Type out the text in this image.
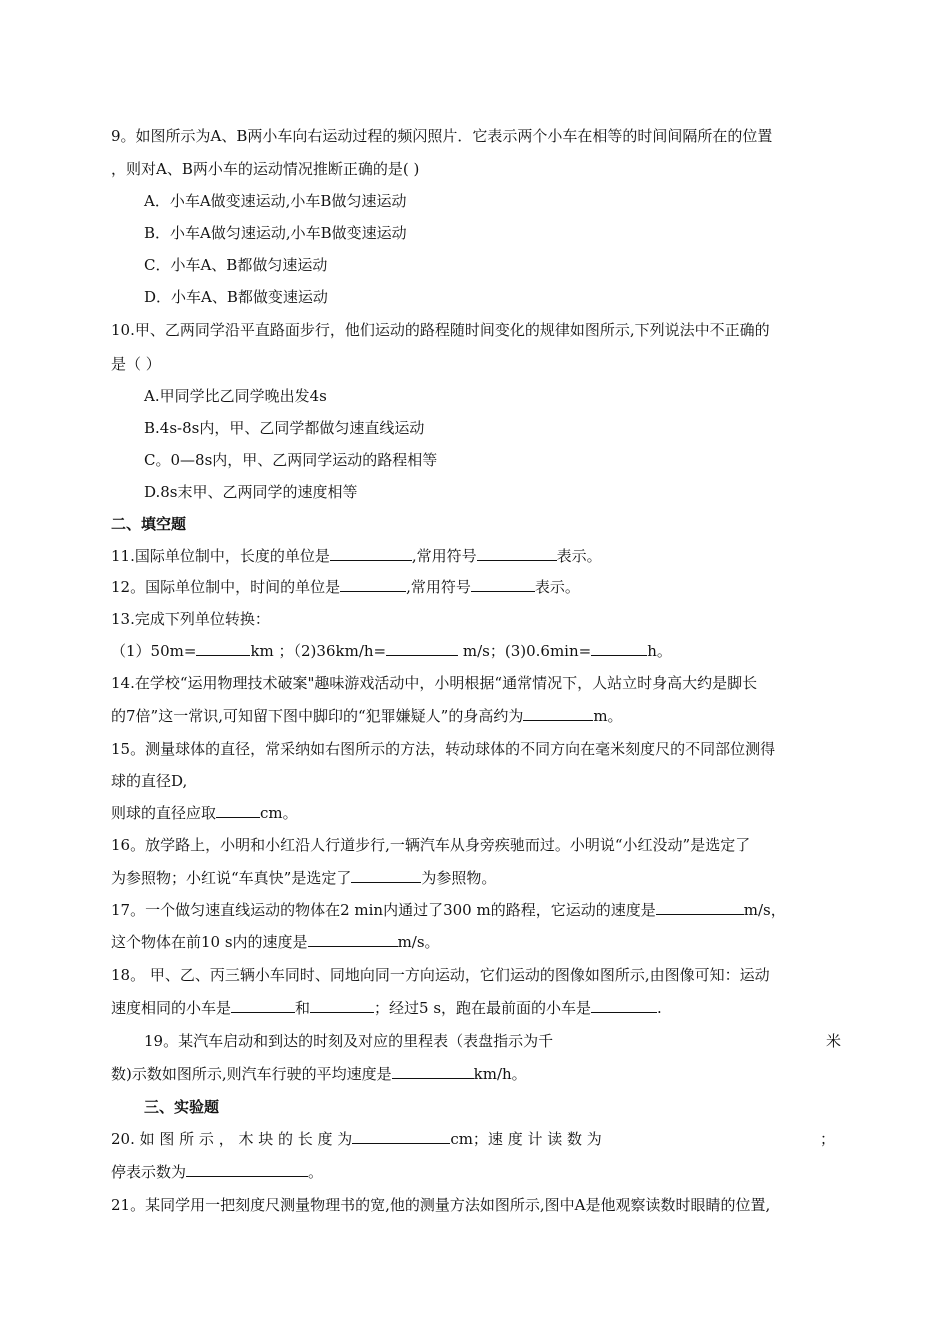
9。如图所示为A、B两小车向右运动过程的频闪照片．它表示两个小车在相等的时间间隔所在的位置
，则对A、B两小车的运动情况推断正确的是( )
A．小车A做变速运动,小车B做匀速运动
B．小车A做匀速运动,小车B做变速运动
C．小车A、B都做匀速运动
D．小车A、B都做变速运动
10.甲、乙两同学沿平直路面步行，他们运动的路程随时间变化的规律如图所示,下列说法中不正确的
是（ ）
A.甲同学比乙同学晚出发4s
B.4s-8s内，甲、乙同学都做匀速直线运动
C。0—8s内，甲、乙两同学运动的路程相等
D.8s末甲、乙两同学的速度相等
二、填空题
11.国际单位制中，长度的单位是	,常用符号	表示。
12。国际单位制中，时间的单位是	,常用符号	表示。
13.完成下列单位转换：
（1）50m=	km ；（2)36km/h=	m/s；(3)0.6min=	h。
14.在学校“运用物理技术破案"趣味游戏活动中，小明根据“通常情况下，人站立时身高大约是脚长
的7倍”这一常识,可知留下图中脚印的“犯罪嫌疑人”的身高约为	m。
15。测量球体的直径，常采纳如右图所示的方法，转动球体的不同方向在毫米刻度尺的不同部位测得
球的直径D,
则球的直径应取	cm。
16。放学路上，小明和小红沿人行道步行,一辆汽车从身旁疾驰而过。小明说“小红没动”是选定了
为参照物；小红说“车真快”是选定了	为参照物。
17。一个做匀速直线运动的物体在2 min内通过了300 m的路程，它运动的速度是	m/s，
这个物体在前10 s内的速度是	m/s。
18。 甲、乙、丙三辆小车同时、同地向同一方向运动，它们运动的图像如图所示,由图像可知：运动
速度相同的小车是	和	；经过5 s，跑在最前面的小车是	.
19。某汽车启动和到达的时刻及对应的里程表（表盘指示为千	米
数)示数如图所示,则汽车行驶的平均速度是	km/h。
三、实验题
20. 如 图 所 示 ， 木 块 的 长 度 为	cm；速 度 计 读 数 为	；
停表示数为	。
21。某同学用一把刻度尺测量物理书的宽,他的测量方法如图所示,图中A是他观察读数时眼睛的位置,
